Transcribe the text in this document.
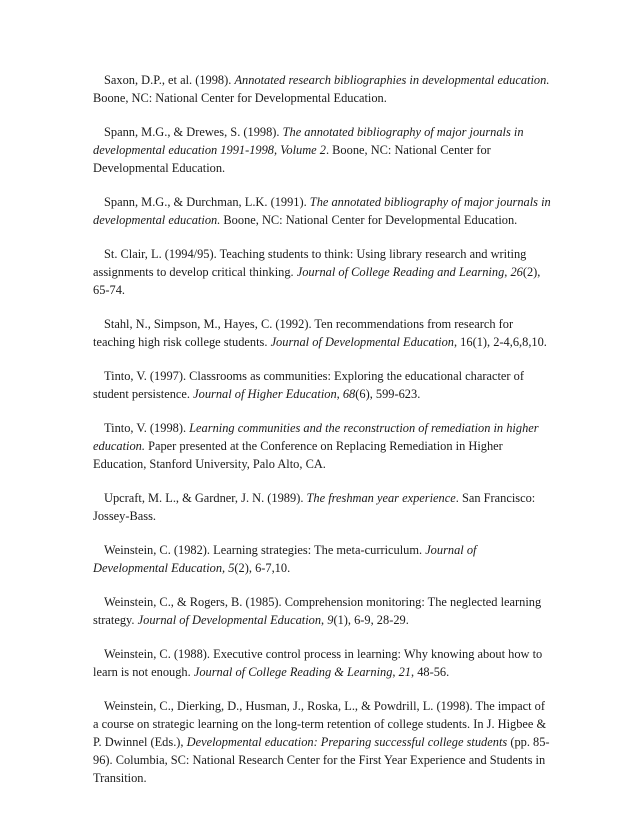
Saxon, D.P., et al. (1998). Annotated research bibliographies in developmental education. Boone, NC: National Center for Developmental Education.

Spann, M.G., & Drewes, S. (1998). The annotated bibliography of major journals in developmental education 1991-1998, Volume 2. Boone, NC: National Center for Developmental Education.

Spann, M.G., & Durchman, L.K. (1991). The annotated bibliography of major journals in developmental education. Boone, NC: National Center for Developmental Education.

St. Clair, L. (1994/95). Teaching students to think: Using library research and writing assignments to develop critical thinking. Journal of College Reading and Learning, 26(2), 65-74.

Stahl, N., Simpson, M., Hayes, C. (1992). Ten recommendations from research for teaching high risk college students. Journal of Developmental Education, 16(1), 2-4,6,8,10.

Tinto, V. (1997). Classrooms as communities: Exploring the educational character of student persistence. Journal of Higher Education, 68(6), 599-623.

Tinto, V. (1998). Learning communities and the reconstruction of remediation in higher education. Paper presented at the Conference on Replacing Remediation in Higher Education, Stanford University, Palo Alto, CA.

Upcraft, M. L., & Gardner, J. N. (1989). The freshman year experience. San Francisco: Jossey-Bass.

Weinstein, C. (1982). Learning strategies: The meta-curriculum. Journal of Developmental Education, 5(2), 6-7,10.

Weinstein, C., & Rogers, B. (1985). Comprehension monitoring: The neglected learning strategy. Journal of Developmental Education, 9(1), 6-9, 28-29.

Weinstein, C. (1988). Executive control process in learning: Why knowing about how to learn is not enough. Journal of College Reading & Learning, 21, 48-56.

Weinstein, C., Dierking, D., Husman, J., Roska, L., & Powdrill, L. (1998). The impact of a course on strategic learning on the long-term retention of college students. In J. Higbee & P. Dwinnel (Eds.), Developmental education: Preparing successful college students (pp. 85-96). Columbia, SC: National Research Center for the First Year Experience and Students in Transition.
